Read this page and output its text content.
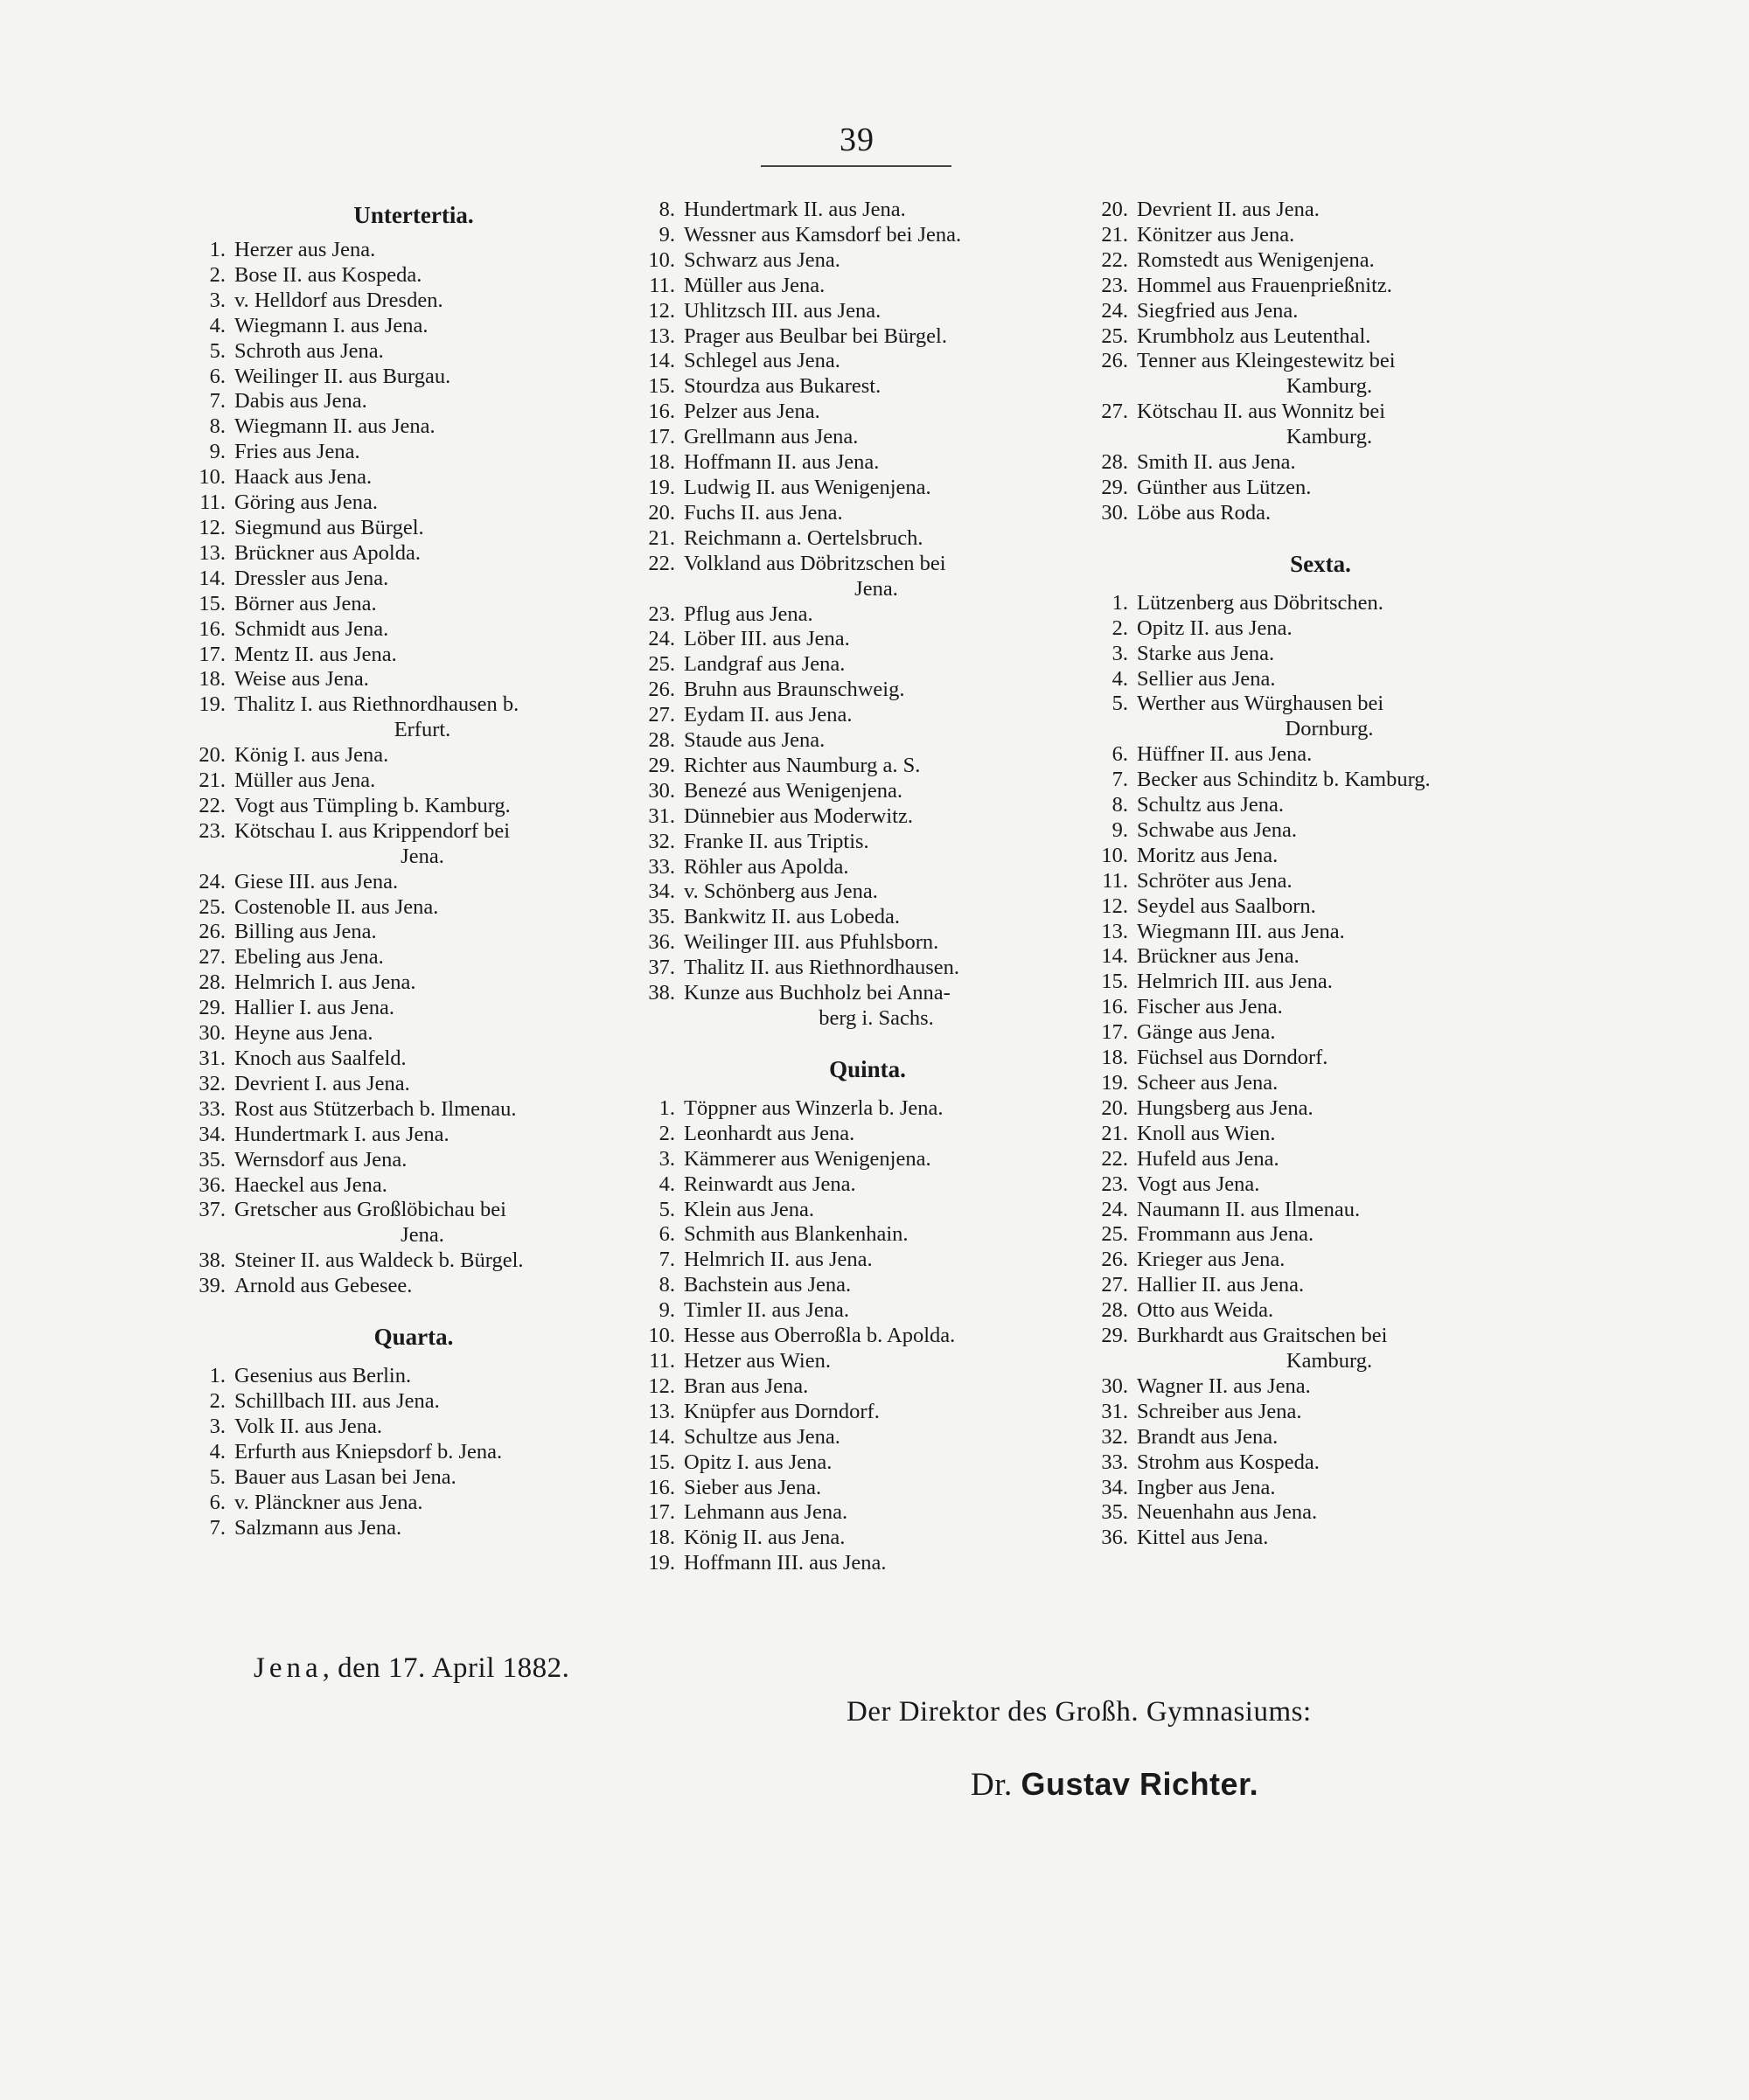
39
Untertertia.
1. Herzer aus Jena.
2. Bose II. aus Kospeda.
3. v. Helldorf aus Dresden.
4. Wiegmann I. aus Jena.
5. Schroth aus Jena.
6. Weilinger II. aus Burgau.
7. Dabis aus Jena.
8. Wiegmann II. aus Jena.
9. Fries aus Jena.
10. Haack aus Jena.
11. Göring aus Jena.
12. Siegmund aus Bürgel.
13. Brückner aus Apolda.
14. Dressler aus Jena.
15. Börner aus Jena.
16. Schmidt aus Jena.
17. Mentz II. aus Jena.
18. Weise aus Jena.
19. Thalitz I. aus Riethnordhausen b.
Erfurt.
20. König I. aus Jena.
21. Müller aus Jena.
22. Vogt aus Tümpling b. Kamburg.
23. Kötschau I. aus Krippendorf bei
Jena.
24. Giese III. aus Jena.
25. Costenoble II. aus Jena.
26. Billing aus Jena.
27. Ebeling aus Jena.
28. Helmrich I. aus Jena.
29. Hallier I. aus Jena.
30. Heyne aus Jena.
31. Knoch aus Saalfeld.
32. Devrient I. aus Jena.
33. Rost aus Stützerbach b. Ilmenau.
34. Hundertmark I. aus Jena.
35. Wernsdorf aus Jena.
36. Haeckel aus Jena.
37. Gretscher aus Großlöbichau bei
Jena.
38. Steiner II. aus Waldeck b. Bürgel.
39. Arnold aus Gebesee.
Quarta.
1. Gesenius aus Berlin.
2. Schillbach III. aus Jena.
3. Volk II. aus Jena.
4. Erfurth aus Kniepsdorf b. Jena.
5. Bauer aus Lasan bei Jena.
6. v. Plänckner aus Jena.
7. Salzmann aus Jena.
8. Hundertmark II. aus Jena.
9. Wessner aus Kamsdorf bei Jena.
10. Schwarz aus Jena.
11. Müller aus Jena.
12. Uhlitzsch III. aus Jena.
13. Prager aus Beulbar bei Bürgel.
14. Schlegel aus Jena.
15. Stourdza aus Bukarest.
16. Pelzer aus Jena.
17. Grellmann aus Jena.
18. Hoffmann II. aus Jena.
19. Ludwig II. aus Wenigenjena.
20. Fuchs II. aus Jena.
21. Reichmann a. Oertelsbruch.
22. Volkland aus Döbritzschen bei
Jena.
23. Pflug aus Jena.
24. Löber III. aus Jena.
25. Landgraf aus Jena.
26. Bruhn aus Braunschweig.
27. Eydam II. aus Jena.
28. Staude aus Jena.
29. Richter aus Naumburg a. S.
30. Benezé aus Wenigenjena.
31. Dünnebier aus Moderwitz.
32. Franke II. aus Triptis.
33. Röhler aus Apolda.
34. v. Schönberg aus Jena.
35. Bankwitz II. aus Lobeda.
36. Weilinger III. aus Pfuhlsborn.
37. Thalitz II. aus Riethnordhausen.
38. Kunze aus Buchholz bei Anna-
berg i. Sachs.
Quinta.
1. Töppner aus Winzerla b. Jena.
2. Leonhardt aus Jena.
3. Kämmerer aus Wenigenjena.
4. Reinwardt aus Jena.
5. Klein aus Jena.
6. Schmith aus Blankenhain.
7. Helmrich II. aus Jena.
8. Bachstein aus Jena.
9. Timler II. aus Jena.
10. Hesse aus Oberroßla b. Apolda.
11. Hetzer aus Wien.
12. Bran aus Jena.
13. Knüpfer aus Dorndorf.
14. Schultze aus Jena.
15. Opitz I. aus Jena.
16. Sieber aus Jena.
17. Lehmann aus Jena.
18. König II. aus Jena.
19. Hoffmann III. aus Jena.
20. Devrient II. aus Jena.
21. Könitzer aus Jena.
22. Romstedt aus Wenigenjena.
23. Hommel aus Frauenprießnitz.
24. Siegfried aus Jena.
25. Krumbholz aus Leutenthal.
26. Tenner aus Kleingestewitz bei
Kamburg.
27. Kötschau II. aus Wonnitz bei
Kamburg.
28. Smith II. aus Jena.
29. Günther aus Lützen.
30. Löbe aus Roda.
Sexta.
1. Lützenberg aus Döbritschen.
2. Opitz II. aus Jena.
3. Starke aus Jena.
4. Sellier aus Jena.
5. Werther aus Würghausen bei
Dornburg.
6. Hüffner II. aus Jena.
7. Becker aus Schinditz b. Kamburg.
8. Schultz aus Jena.
9. Schwabe aus Jena.
10. Moritz aus Jena.
11. Schröter aus Jena.
12. Seydel aus Saalborn.
13. Wiegmann III. aus Jena.
14. Brückner aus Jena.
15. Helmrich III. aus Jena.
16. Fischer aus Jena.
17. Gänge aus Jena.
18. Füchsel aus Dorndorf.
19. Scheer aus Jena.
20. Hungsberg aus Jena.
21. Knoll aus Wien.
22. Hufeld aus Jena.
23. Vogt aus Jena.
24. Naumann II. aus Ilmenau.
25. Frommann aus Jena.
26. Krieger aus Jena.
27. Hallier II. aus Jena.
28. Otto aus Weida.
29. Burkhardt aus Graitschen bei
Kamburg.
30. Wagner II. aus Jena.
31. Schreiber aus Jena.
32. Brandt aus Jena.
33. Strohm aus Kospeda.
34. Ingber aus Jena.
35. Neuenhahn aus Jena.
36. Kittel aus Jena.
Jena, den 17. April 1882.
Der Direktor des Großh. Gymnasiums:
Dr. Gustav Richter.
